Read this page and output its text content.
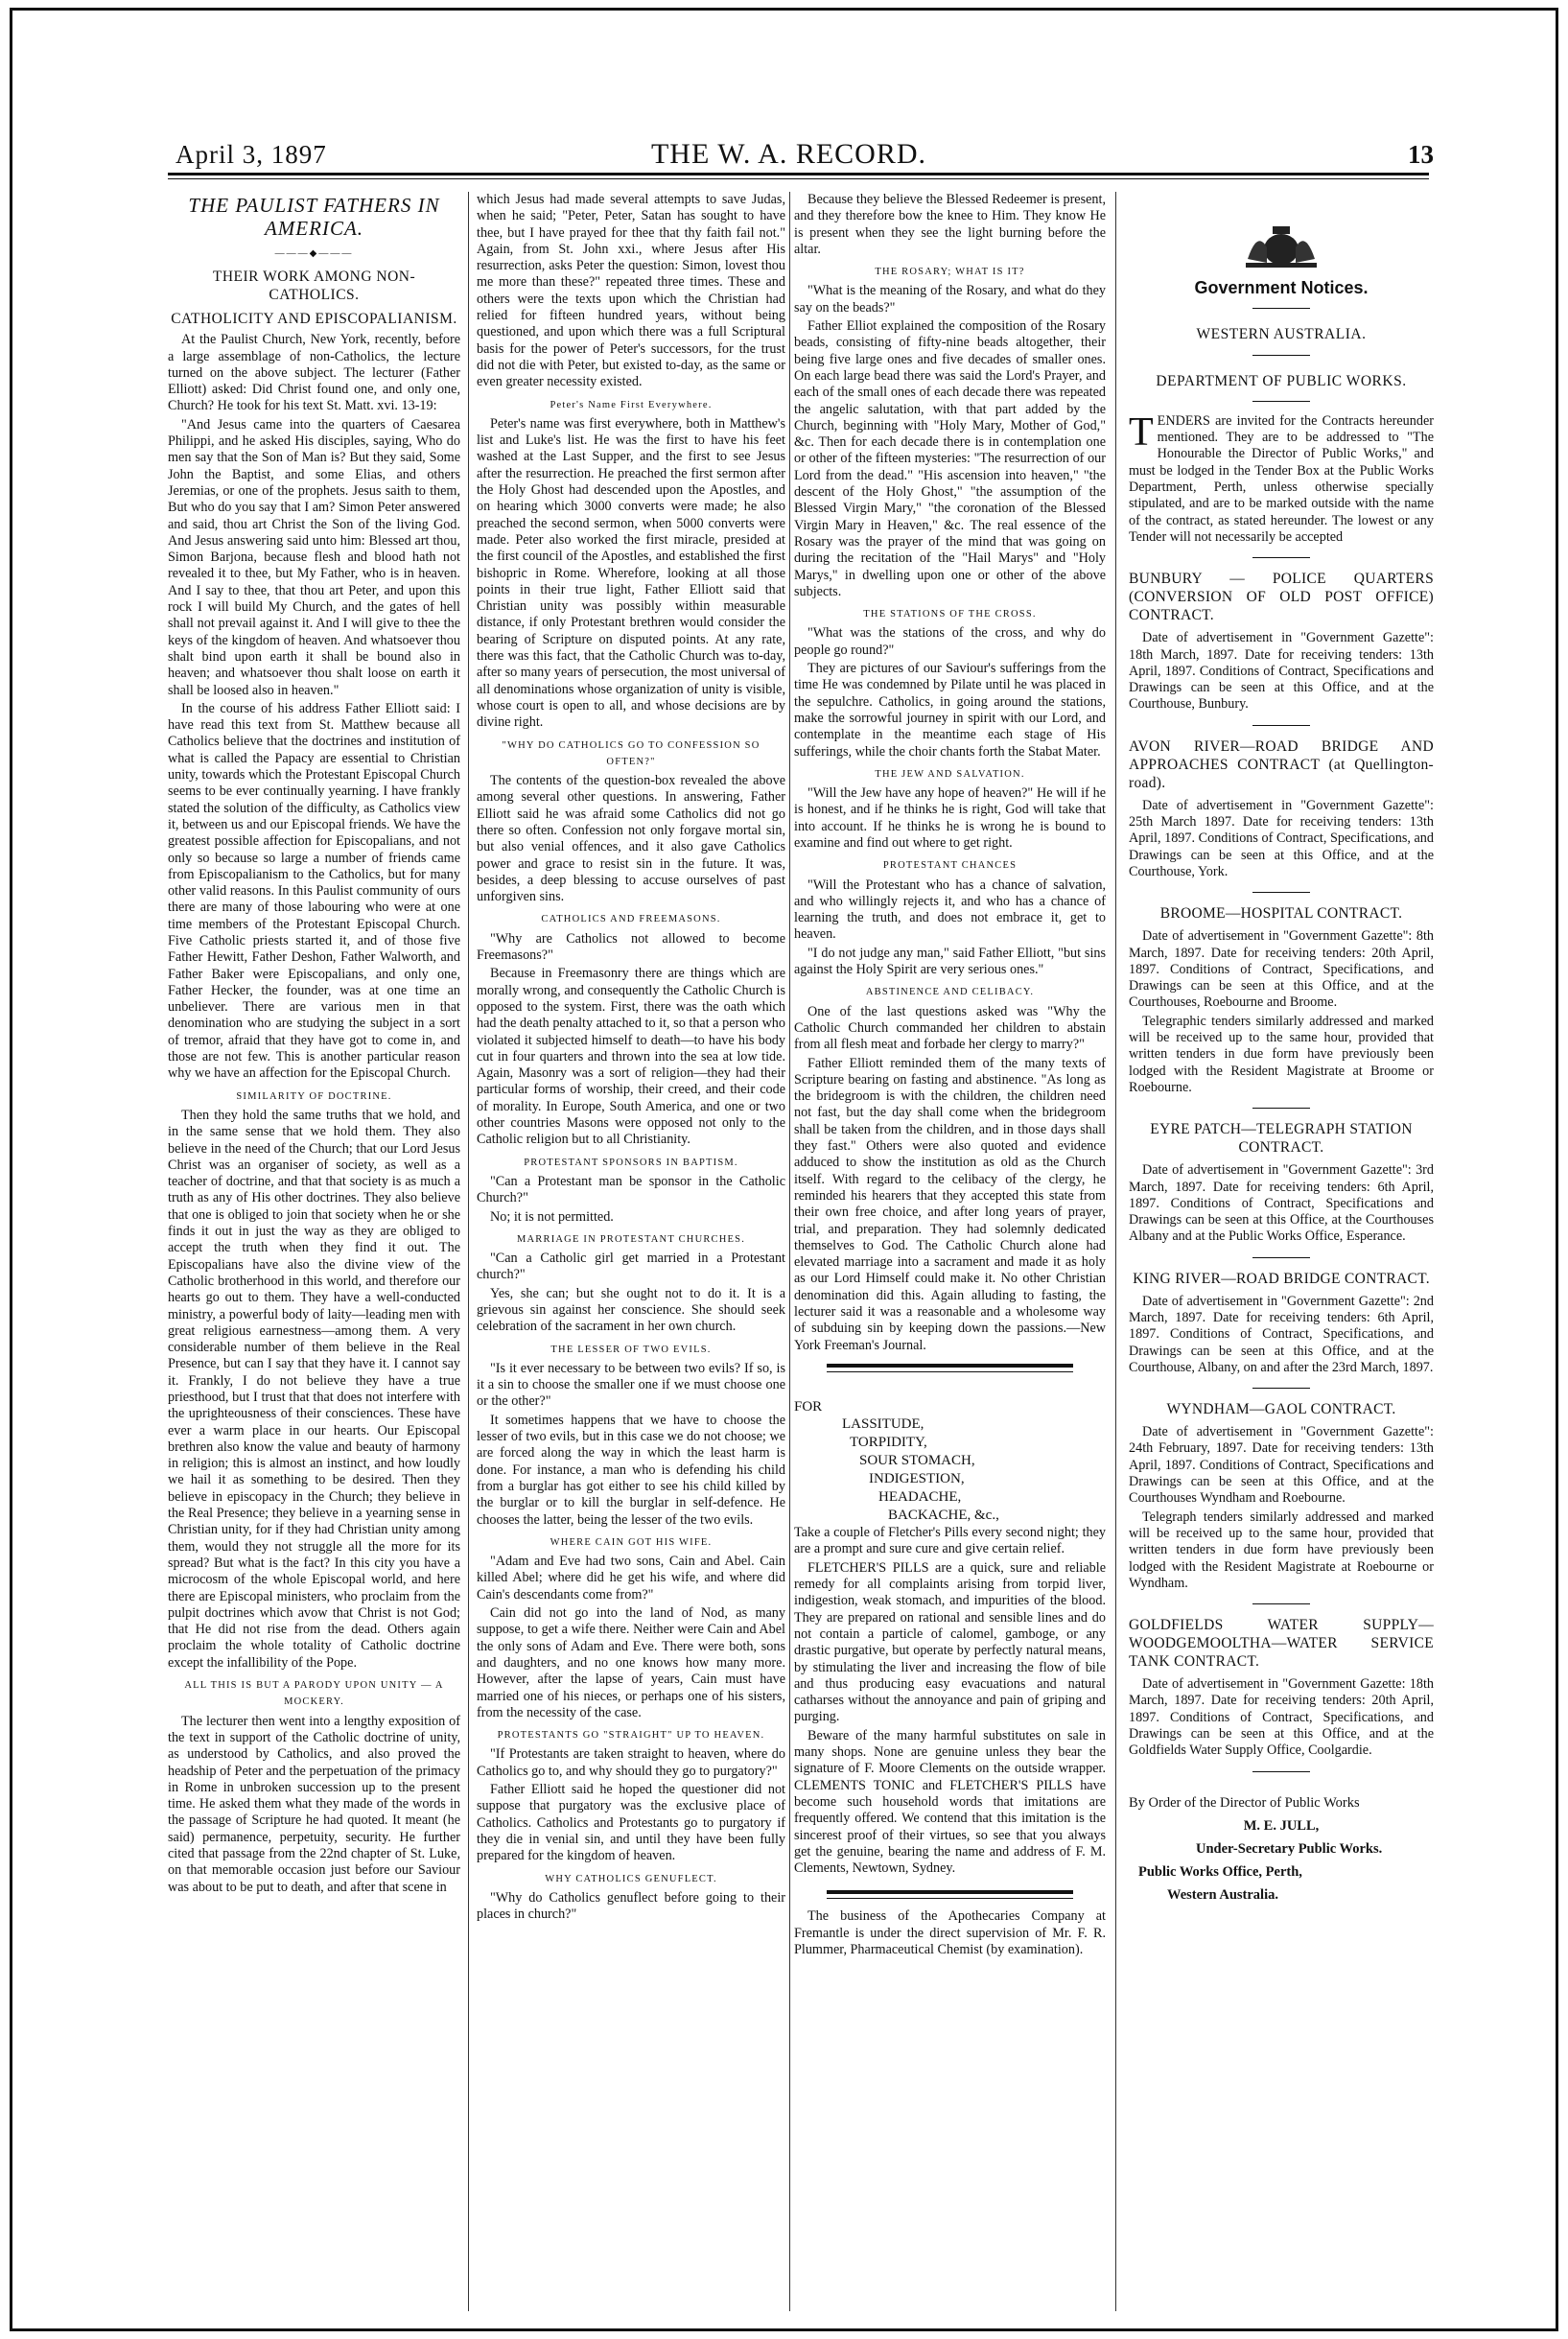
April 3, 1897	THE W. A. RECORD.	13
THE PAULIST FATHERS IN AMERICA.
———◆———
THEIR WORK AMONG NON-CATHOLICS.
CATHOLICITY AND EPISCOPALIANISM.

At the Paulist Church, New York, recently, before a large assemblage of non-Catholics, the lecture turned on the above subject. The lecturer (Father Elliott) asked: Did Christ found one, and only one, Church? He took for his text St. Matt. xvi. 13-19:

"And Jesus came into the quarters of Caesarea Philippi, and he asked His disciples, saying, Who do men say that the Son of Man is? But they said, Some John the Baptist, and some Elias, and others Jeremias, or one of the prophets. Jesus saith to them, But who do you say that I am? Simon Peter answered and said, thou art Christ the Son of the living God. And Jesus answering said unto him: Blessed art thou, Simon Barjona, because flesh and blood hath not revealed it to thee, but My Father, who is in heaven. And I say to thee, that thou art Peter, and upon this rock I will build My Church, and the gates of hell shall not prevail against it. And I will give to thee the keys of the kingdom of heaven. And whatsoever thou shalt bind upon earth it shall be bound also in heaven; and whatsoever thou shalt loose on earth it shall be loosed also in heaven."

In the course of his address Father Elliott said: I have read this text from St. Matthew because all Catholics believe that the doctrines and institution of what is called the Papacy are essential to Christian unity, towards which the Protestant Episcopal Church seems to be ever continually yearning. I have frankly stated the solution of the difficulty, as Catholics view it, between us and our Episcopal friends. We have the greatest possible affection for Episcopalians, and not only so because so large a number of friends came from Episcopalianism to the Catholics, but for many other valid reasons. In this Paulist community of ours there are many of those labouring who were at one time members of the Protestant Episcopal Church. Five Catholic priests started it, and of those five Father Hewitt, Father Deshon, Father Walworth, and Father Baker were Episcopalians, and only one, Father Hecker, the founder, was at one time an unbeliever. There are various men in that denomination who are studying the subject in a sort of tremor, afraid that they have got to come in, and those are not few. This is another particular reason why we have an affection for the Episcopal Church.

SIMILARITY OF DOCTRINE.

Then they hold the same truths that we hold, and in the same sense that we hold them. They also believe in the need of the Church; that our Lord Jesus Christ was an organiser of society, as well as a teacher of doctrine, and that that society is as much a truth as any of His other doctrines. They also believe that one is obliged to join that society when he or she finds it out in just the way as they are obliged to accept the truth when they find it out. The Episcopalians have also the divine view of the Catholic brotherhood in this world, and therefore our hearts go out to them. They have a well-conducted ministry, a powerful body of laity—leading men with great religious earnestness—among them. A very considerable number of them believe in the Real Presence, but can I say that they have it. I cannot say it. Frankly, I do not believe they have a true priesthood, but I trust that that does not interfere with the uprighteousness of their consciences. These have ever a warm place in our hearts. Our Episcopal brethren also know the value and beauty of harmony in religion; this is almost an instinct, and how loudly we hail it as something to be desired. Then they believe in episcopacy in the Church; they believe in the Real Presence; they believe in a yearning sense in Christian unity, for if they had Christian unity among them, would they not struggle all the more for its spread? But what is the fact? In this city you have a microcosm of the whole Episcopal world, and here there are Episcopal ministers, who proclaim from the pulpit doctrines which avow that Christ is not God; that He did not rise from the dead. Others again proclaim the whole totality of Catholic doctrine except the infallibility of the Pope.

ALL THIS IS BUT A PARODY UPON UNITY — A MOCKERY.

The lecturer then went into a lengthy exposition of the text in support of the Catholic doctrine of unity, as understood by Catholics, and also proved the headship of Peter and the perpetuation of the primacy in Rome in unbroken succession up to the present time. He asked them what they made of the words in the passage of Scripture he had quoted. It meant (he said) permanence, perpetuity, security. He further cited that passage from the 22nd chapter of St. Luke, on that memorable occasion just before our Saviour was about to be put to death, and after that scene in

which Jesus had made several attempts to save Judas, when he said; "Peter, Peter, Satan has sought to have thee, but I have prayed for thee that thy faith fail not." Again, from St. John xxi., where Jesus after His resurrection, asks Peter the question: Simon, lovest thou me more than these?" repeated three times. These and others were the texts upon which the Christian had relied for fifteen hundred years, without being questioned, and upon which there was a full Scriptural basis for the power of Peter's successors, for the trust did not die with Peter, but existed to-day, as the same or even greater necessity existed.

Peter's Name First Everywhere.

Peter's name was first everywhere, both in Matthew's list and Luke's list. He was the first to have his feet washed at the Last Supper, and the first to see Jesus after the resurrection. He preached the first sermon after the Holy Ghost had descended upon the Apostles, and on hearing which 3000 converts were made; he also preached the second sermon, when 5000 converts were made. Peter also worked the first miracle, presided at the first council of the Apostles, and established the first bishopric in Rome. Wherefore, looking at all those points in their true light, Father Elliott said that Christian unity was possibly within measurable distance, if only Protestant brethren would consider the bearing of Scripture on disputed points. At any rate, there was this fact, that the Catholic Church was to-day, after so many years of persecution, the most universal of all denominations whose organization of unity is visible, whose court is open to all, and whose decisions are by divine right.

"WHY DO CATHOLICS GO TO CONFESSION SO OFTEN?"

The contents of the question-box revealed the above among several other questions. In answering, Father Elliott said he was afraid some Catholics did not go there so often. Confession not only forgave mortal sin, but also venial offences, and it also gave Catholics power and grace to resist sin in the future. It was, besides, a deep blessing to accuse ourselves of past unforgiven sins.

CATHOLICS AND FREEMASONS.

"Why are Catholics not allowed to become Freemasons?"

Because in Freemasonry there are things which are morally wrong, and consequently the Catholic Church is opposed to the system. First, there was the oath which had the death penalty attached to it, so that a person who violated it subjected himself to death—to have his body cut in four quarters and thrown into the sea at low tide. Again, Masonry was a sort of religion—they had their particular forms of worship, their creed, and their code of morality. In Europe, South America, and one or two other countries Masons were opposed not only to the Catholic religion but to all Christianity.

PROTESTANT SPONSORS IN BAPTISM.

"Can a Protestant man be sponsor in the Catholic Church?"

No; it is not permitted.

MARRIAGE IN PROTESTANT CHURCHES.

"Can a Catholic girl get married in a Protestant church?"

Yes, she can; but she ought not to do it. It is a grievous sin against her conscience. She should seek celebration of the sacrament in her own church.

THE LESSER OF TWO EVILS.

"Is it ever necessary to be between two evils? If so, is it a sin to choose the smaller one if we must choose one or the other?"

It sometimes happens that we have to choose the lesser of two evils, but in this case we do not choose; we are forced along the way in which the least harm is done. For instance, a man who is defending his child from a burglar has got either to see his child killed by the burglar or to kill the burglar in self-defence. He chooses the latter, being the lesser of the two evils.

WHERE CAIN GOT HIS WIFE.

"Adam and Eve had two sons, Cain and Abel. Cain killed Abel; where did he get his wife, and where did Cain's descendants come from?"

Cain did not go into the land of Nod, as many suppose, to get a wife there. Neither were Cain and Abel the only sons of Adam and Eve. There were both, sons and daughters, and no one knows how many more. However, after the lapse of years, Cain must have married one of his nieces, or perhaps one of his sisters, from the necessity of the case.

PROTESTANTS GO "STRAIGHT" UP TO HEAVEN.

"If Protestants are taken straight to heaven, where do Catholics go to, and why should they go to purgatory?"

Father Elliott said he hoped the questioner did not suppose that purgatory was the exclusive place of Catholics. Catholics and Protestants go to purgatory if they die in venial sin, and until they have been fully prepared for the kingdom of heaven.

WHY CATHOLICS GENUFLECT.

"Why do Catholics genuflect before going to their places in church?"

Because they believe the Blessed Redeemer is present, and they therefore bow the knee to Him. They know He is present when they see the light burning before the altar.

THE ROSARY; WHAT IS IT?

"What is the meaning of the Rosary, and what do they say on the beads?"

Father Elliot explained the composition of the Rosary beads, consisting of fifty-nine beads altogether, their being five large ones and five decades of smaller ones. On each large bead there was said the Lord's Prayer, and each of the small ones of each decade there was repeated the angelic salutation, with that part added by the Church, beginning with "Holy Mary, Mother of God," &c. Then for each decade there is in contemplation one or other of the fifteen mysteries: "The resurrection of our Lord from the dead." "His ascension into heaven," "the descent of the Holy Ghost," "the assumption of the Blessed Virgin Mary," "the coronation of the Blessed Virgin Mary in Heaven," &c. The real essence of the Rosary was the prayer of the mind that was going on during the recitation of the "Hail Marys" and "Holy Marys," in dwelling upon one or other of the above subjects.

THE STATIONS OF THE CROSS.

"What was the stations of the cross, and why do people go round?"

They are pictures of our Saviour's sufferings from the time He was condemned by Pilate until he was placed in the sepulchre. Catholics, in going around the stations, make the sorrowful journey in spirit with our Lord, and contemplate in the meantime each stage of His sufferings, while the choir chants forth the Stabat Mater.

THE JEW AND SALVATION.

"Will the Jew have any hope of heaven?" He will if he is honest, and if he thinks he is right, God will take that into account. If he thinks he is wrong he is bound to examine and find out where to get right.

PROTESTANT CHANCES

"Will the Protestant who has a chance of salvation, and who willingly rejects it, and who has a chance of learning the truth, and does not embrace it, get to heaven.

"I do not judge any man," said Father Elliott, "but sins against the Holy Spirit are very serious ones."

ABSTINENCE AND CELIBACY.

One of the last questions asked was "Why the Catholic Church commanded her children to abstain from all flesh meat and forbade her clergy to marry?"

Father Elliott reminded them of the many texts of Scripture bearing on fasting and abstinence. "As long as the bridegroom is with the children, the children need not fast, but the day shall come when the bridegroom shall be taken from the children, and in those days shall they fast." Others were also quoted and evidence adduced to show the institution as old as the Church itself. With regard to the celibacy of the clergy, he reminded his hearers that they accepted this state from their own free choice, and after long years of prayer, trial, and preparation. They had solemnly dedicated themselves to God. The Catholic Church alone had elevated marriage into a sacrament and made it as holy as our Lord Himself could make it. No other Christian denomination did this. Again alluding to fasting, the lecturer said it was a reasonable and a wholesome way of subduing sin by keeping down the passions.—New York Freeman's Journal.

FOR
LASSITUDE,
TORPIDITY,
SOUR STOMACH,
INDIGESTION,
HEADACHE,
BACKACHE, &c.,

Take a couple of Fletcher's Pills every second night; they are a prompt and sure cure and give certain relief.

FLETCHER'S PILLS are a quick, sure and reliable remedy for all complaints arising from torpid liver, indigestion, weak stomach, and impurities of the blood. They are prepared on rational and sensible lines and do not contain a particle of calomel, gamboge, or any drastic purgative, but operate by perfectly natural means, by stimulating the liver and increasing the flow of bile and thus producing easy evacuations and natural catharses without the annoyance and pain of griping and purging.

Beware of the many harmful substitutes on sale in many shops. None are genuine unless they bear the signature of F. Moore Clements on the outside wrapper. CLEMENTS TONIC and FLETCHER'S PILLS have become such household words that imitations are frequently offered. We contend that this imitation is the sincerest proof of their virtues, so see that you always get the genuine, bearing the name and address of F. M. Clements, Newtown, Sydney.

The business of the Apothecaries Company at Fremantle is under the direct supervision of Mr. F. R. Plummer, Pharmaceutical Chemist (by examination).

Government Notices.
WESTERN AUSTRALIA.
DEPARTMENT OF PUBLIC WORKS.

TENDERS are invited for the Contracts hereunder mentioned. They are to be addressed to "The Honourable the Director of Public Works," and must be lodged in the Tender Box at the Public Works Department, Perth, unless otherwise specially stipulated, and are to be marked outside with the name of the contract, as stated hereunder. The lowest or any Tender will not necessarily be accepted

BUNBURY — POLICE QUARTERS (CONVERSION OF OLD POST OFFICE) CONTRACT.

Date of advertisement in "Government Gazette": 18th March, 1897. Date for receiving tenders: 13th April, 1897. Conditions of Contract, Specifications and Drawings can be seen at this Office, and at the Courthouse, Bunbury.

AVON RIVER—ROAD BRIDGE AND APPROACHES CONTRACT (at Quellington-road).

Date of advertisement in "Government Gazette": 25th March 1897. Date for receiving tenders: 13th April, 1897. Conditions of Contract, Specifications, and Drawings can be seen at this Office, and at the Courthouse, York.

BROOME—HOSPITAL CONTRACT.

Date of advertisement in "Government Gazette": 8th March, 1897. Date for receiving tenders: 20th April, 1897. Conditions of Contract, Specifications, and Drawings can be seen at this Office, and at the Courthouses, Roebourne and Broome.

Telegraphic tenders similarly addressed and marked will be received up to the same hour, provided that written tenders in due form have previously been lodged with the Resident Magistrate at Broome or Roebourne.

EYRE PATCH—TELEGRAPH STATION CONTRACT.

Date of advertisement in "Government Gazette": 3rd March, 1897. Date for receiving tenders: 6th April, 1897. Conditions of Contract, Specifications and Drawings can be seen at this Office, at the Courthouses Albany and at the Public Works Office, Esperance.

KING RIVER—ROAD BRIDGE CONTRACT.

Date of advertisement in "Government Gazette": 2nd March, 1897. Date for receiving tenders: 6th April, 1897. Conditions of Contract, Specifications, and Drawings can be seen at this Office, and at the Courthouse, Albany, on and after the 23rd March, 1897.

WYNDHAM—GAOL CONTRACT.

Date of advertisement in "Government Gazette": 24th February, 1897. Date for receiving tenders: 13th April, 1897. Conditions of Contract, Specifications and Drawings can be seen at this Office, and at the Courthouses Wyndham and Roebourne.

Telegraph tenders similarly addressed and marked will be received up to the same hour, provided that written tenders in due form have previously been lodged with the Resident Magistrate at Roebourne or Wyndham.

GOLDFIELDS WATER SUPPLY—WOODGEMOOLTHA—WATER SERVICE TANK CONTRACT.

Date of advertisement in "Government Gazette: 18th March, 1897. Date for receiving tenders: 20th April, 1897. Conditions of Contract, Specifications, and Drawings can be seen at this Office, and at the Goldfields Water Supply Office, Coolgardie.

By Order of the Director of Public Works
M. E. JULL,
Under-Secretary Public Works.
Public Works Office, Perth,
Western Australia.
